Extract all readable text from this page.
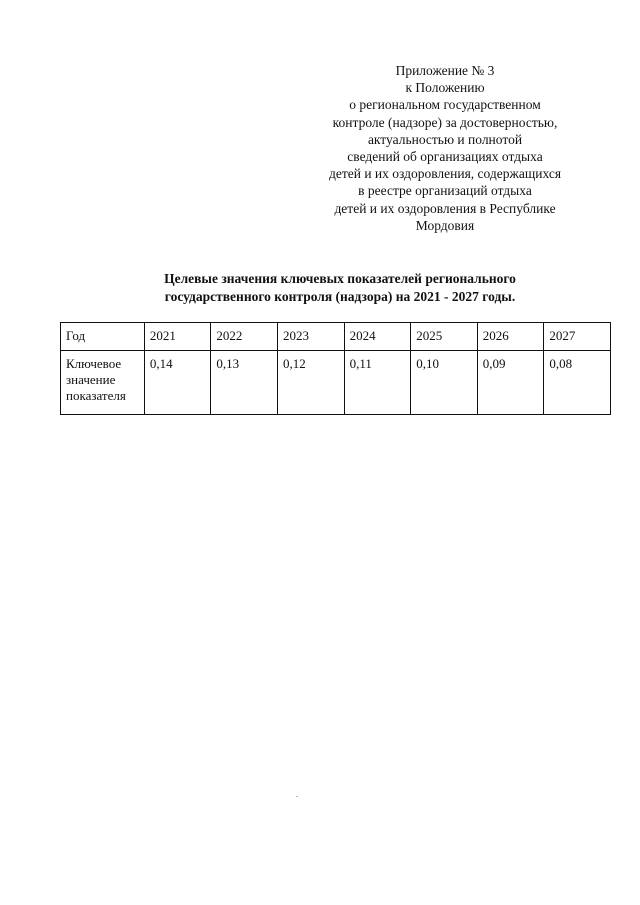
Приложение № 3
к Положению
о региональном государственном
контроле (надзоре) за достоверностью,
актуальностью и полнотой
сведений об организациях отдыха
детей и их оздоровления, содержащихся
в реестре организаций отдыха
детей и их оздоровления в Республике
Мордовия
Целевые значения ключевых показателей регионального
государственного контроля (надзора) на 2021 - 2027 годы.
Год	2021	2022	2023	2024	2025	2026	2027
Ключевое значение показателя	0,14	0,13	0,12	0,11	0,10	0,09	0,08
